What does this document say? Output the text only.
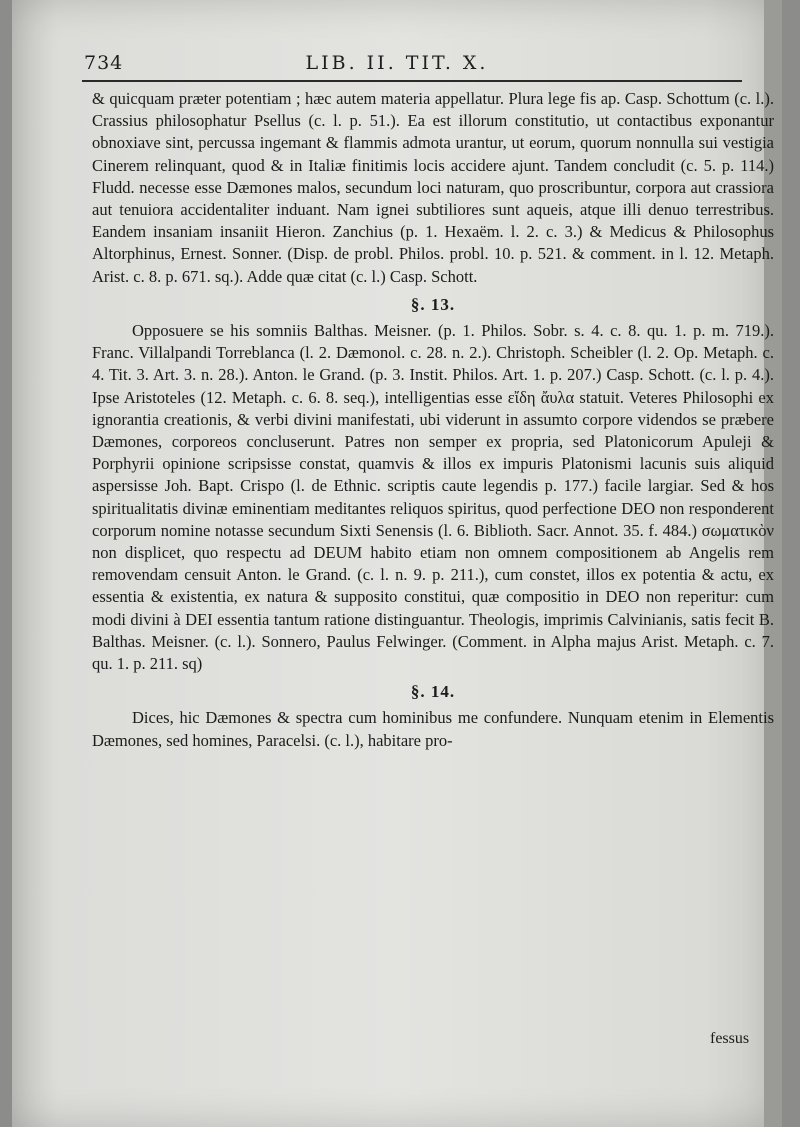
734	LIB. II. TIT. X.

& quicquam præter potentiam ; hæc autem materia appellatur. Plura lege fis ap. Casp. Schottum (c. l.). Crassius philosophatur Psellus (c. l. p. 51.). Ea est illorum constitutio, ut contactibus exponantur obnoxiave sint, percussa ingemant & flammis admota urantur, ut eorum, quorum nonnulla sui vestigia Cinerem relinquant, quod & in Italiæ finitimis locis accidere ajunt. Tandem concludit (c. 5. p. 114.) Fludd. necesse esse Dæmones malos, secundum loci naturam, quo proscribuntur, corpora aut crassiora aut tenuiora accidentaliter induant. Nam ignei subtiliores sunt aqueis, atque illi denuo terrestribus. Eandem insaniam insaniit Hieron. Zanchius (p. 1. Hexaëm. l. 2. c. 3.) & Medicus & Philosophus Altorphinus, Ernest. Sonner. (Disp. de probl. Philos. probl. 10. p. 521. & comment. in l. 12. Metaph. Arist. c. 8. p. 671. sq.). Adde quæ citat (c. l.) Casp. Schott.

§. 13.

Opposuere se his somniis Balthas. Meisner. (p. 1. Philos. Sobr. s. 4. c. 8. qu. 1. p. m. 719.). Franc. Villalpandi Torreblanca (l. 2. Dæmonol. c. 28. n. 2.). Christoph. Scheibler (l. 2. Op. Metaph. c. 4. Tit. 3. Art. 3. n. 28.). Anton. le Grand. (p. 3. Instit. Philos. Art. 1. p. 207.) Casp. Schott. (c. l. p. 4.). Ipse Aristoteles (12. Metaph. c. 6. 8. seq.), intelligentias esse εἴδη ἄυλα statuit. Veteres Philosophi ex ignorantia creationis, & verbi divini manifestati, ubi viderunt in assumto corpore videndos se præbere Dæmones, corporeos concluserunt. Patres non semper ex propria, sed Platonicorum Apuleji & Porphyrii opinione scripsisse constat, quamvis & illos ex impuris Platonismi lacunis suis aliquid aspersisse Joh. Bapt. Crispo (l. de Ethnic. scriptis caute legendis p. 177.) facile largiar. Sed & hos spiritualitatis divinæ eminentiam meditantes reliquos spiritus, quod perfectione DEO non responderent corporum nomine notasse secundum Sixti Senensis (l. 6. Biblioth. Sacr. Annot. 35. f. 484.) σωματικὸν non displicet, quo respectu ad DEUM habito etiam non omnem compositionem ab Angelis rem removendam censuit Anton. le Grand. (c. l. n. 9. p. 211.), cum constet, illos ex potentia & actu, ex essentia & existentia, ex natura & supposito constitui, quæ compositio in DEO non reperitur: cum modi divini à DEI essentia tantum ratione distinguantur. Theologis, imprimis Calvinianis, satis fecit B. Balthas. Meisner. (c. l.). Sonnero, Paulus Felwinger. (Comment. in Alpha majus Arist. Metaph. c. 7. qu. 1. p. 211. sq)

§. 14.

Dices, hic Dæmones & spectra cum hominibus me confundere. Nunquam etenim in Elementis Dæmones, sed homines, Paracelsi. (c. l.), habitare pro-

fessus
